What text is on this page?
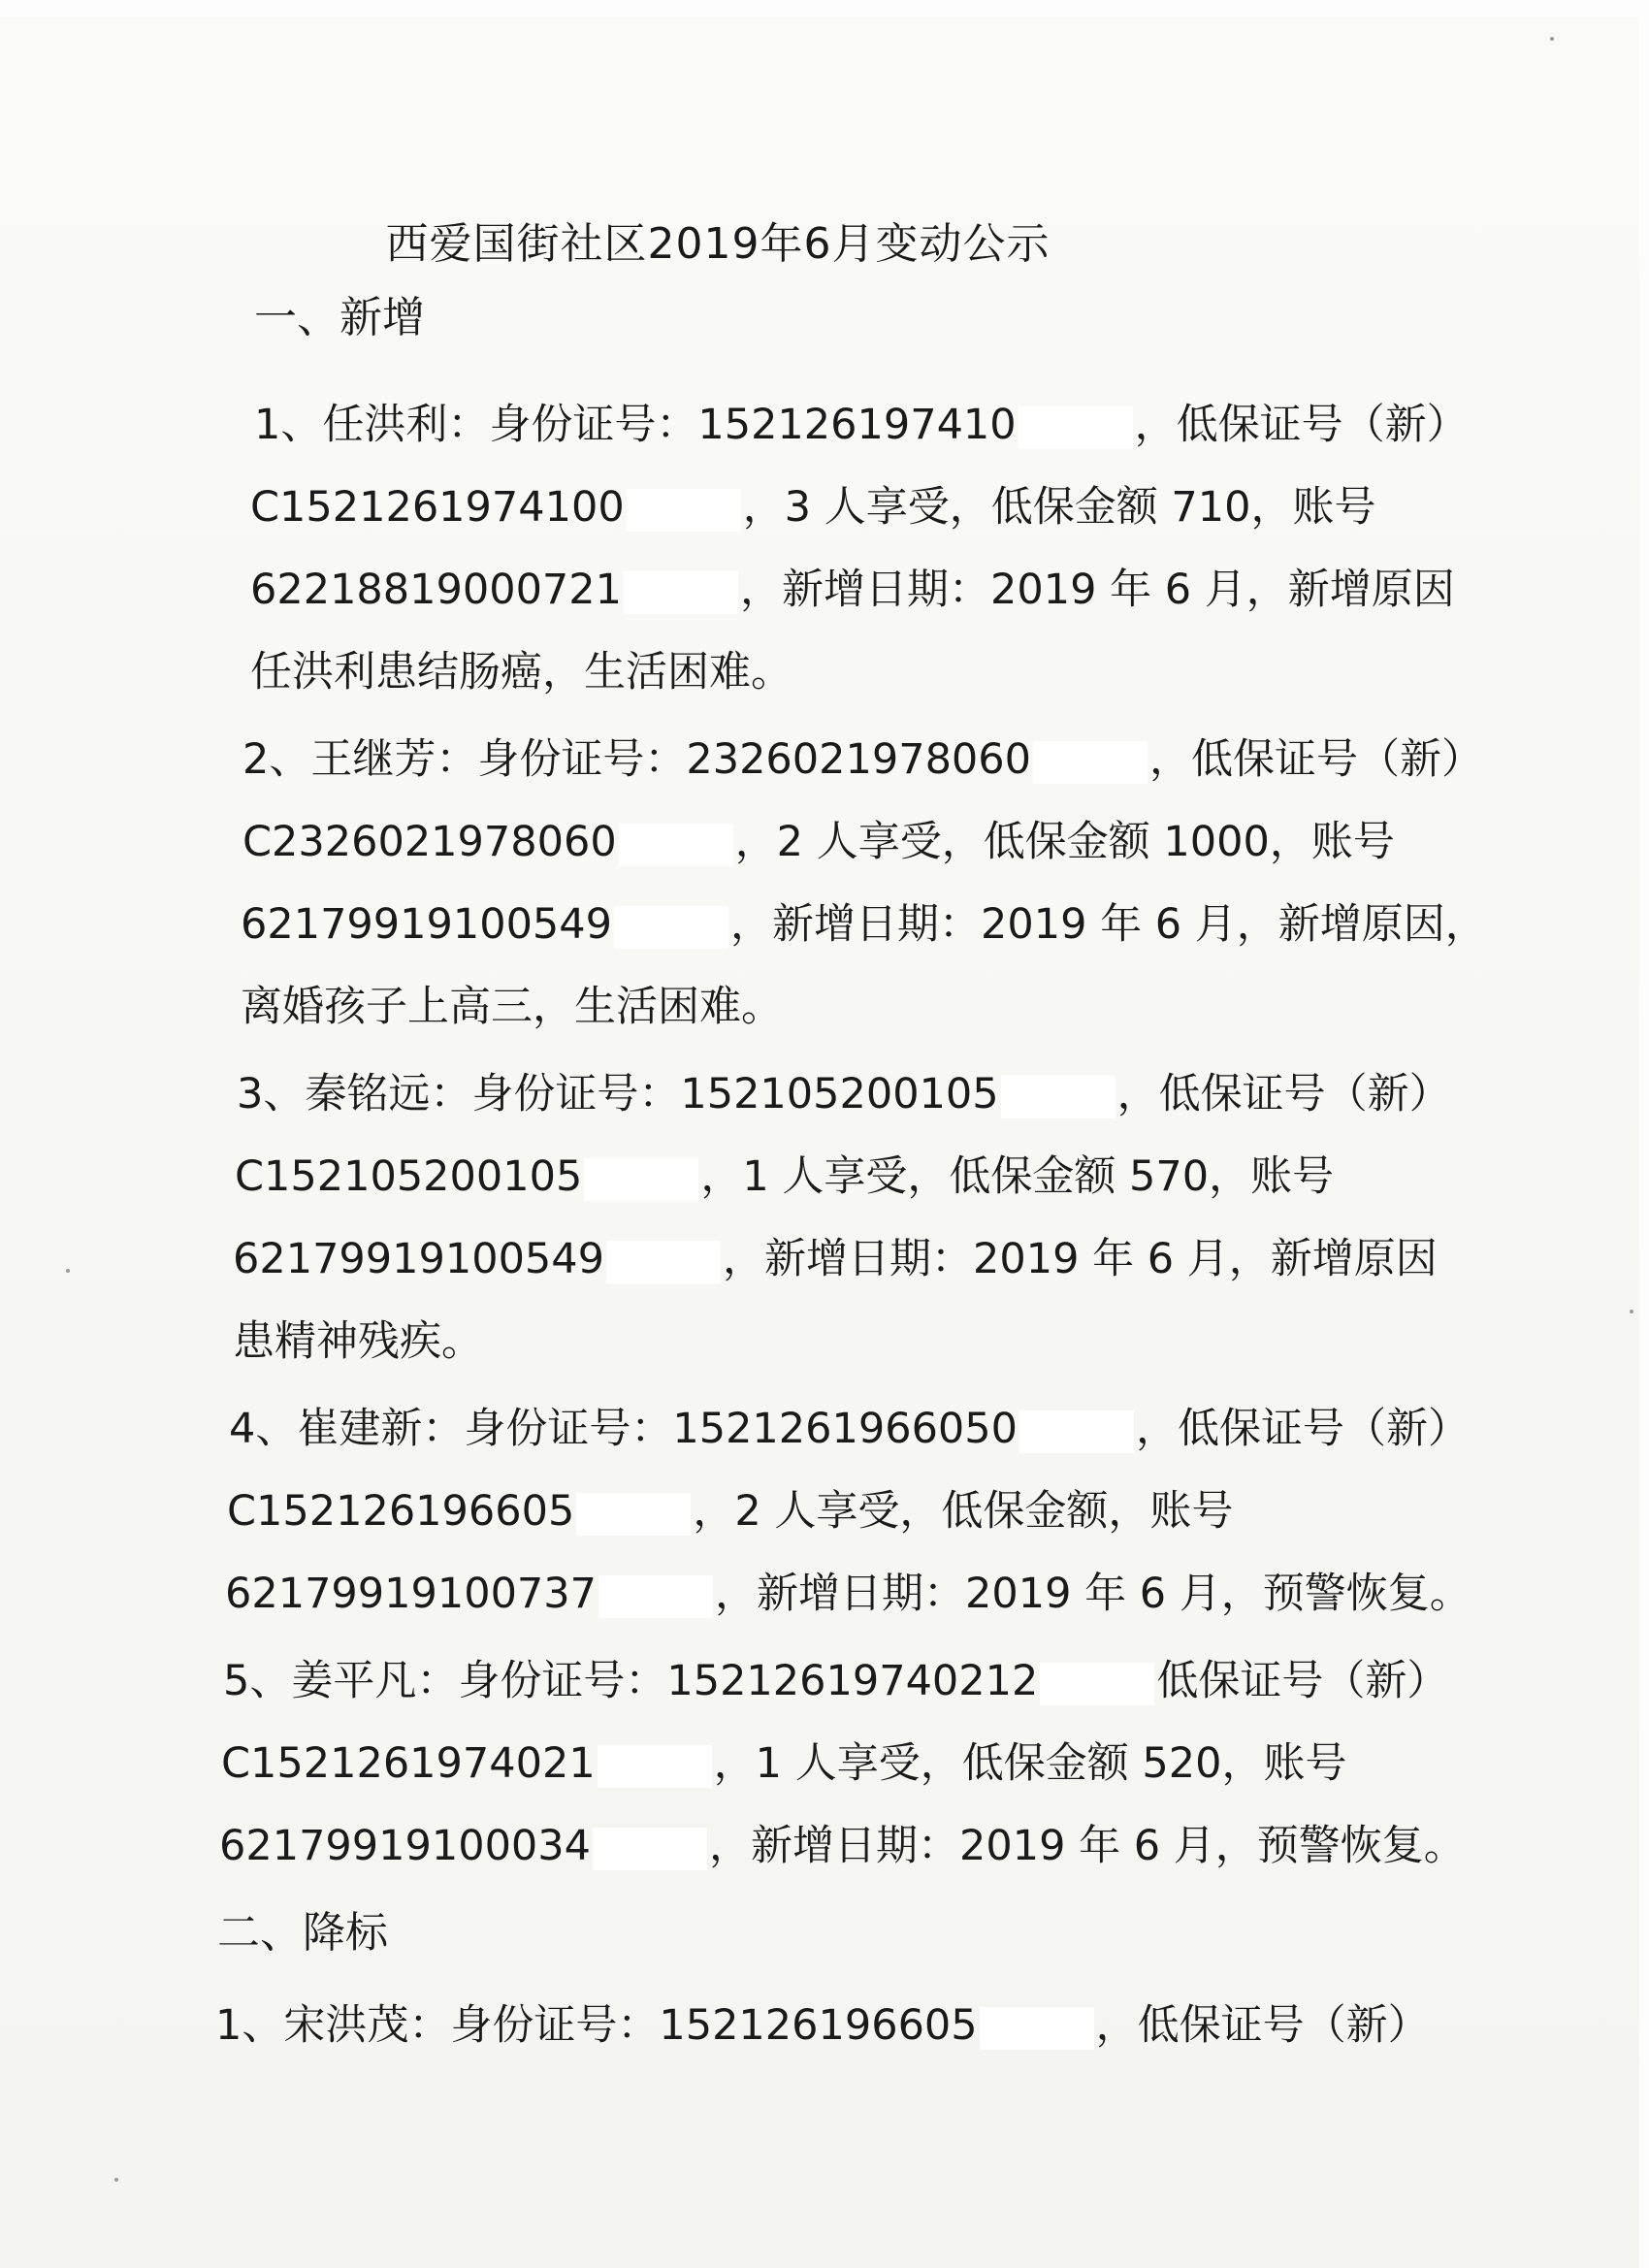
西爱国街社区2019年6月变动公示
一、新增
1、任洪利：身份证号：152126197410	，低保证号（新）
C1521261974100	，3 人享受，低保金额 710，账号
62218819000721	，新增日期：2019 年 6 月，新增原因
任洪利患结肠癌，生活困难。
2、王继芳：身份证号：2326021978060	，低保证号（新）
C2326021978060	，2 人享受，低保金额 1000，账号
62179919100549	，新增日期：2019 年 6 月，新增原因，
离婚孩子上高三，生活困难。
3、秦铭远：身份证号：152105200105	，低保证号（新）
C152105200105	，1 人享受，低保金额 570，账号
62179919100549	，新增日期：2019 年 6 月，新增原因
患精神残疾。
4、崔建新：身份证号：1521261966050	，低保证号（新）
C152126196605	，2 人享受，低保金额，账号
62179919100737	，新增日期：2019 年 6 月，预警恢复。
5、姜平凡：身份证号：15212619740212	低保证号（新）
C1521261974021	，1 人享受，低保金额 520，账号
62179919100034	，新增日期：2019 年 6 月，预警恢复。
二、降标
1、宋洪茂：身份证号：152126196605	，低保证号（新）
